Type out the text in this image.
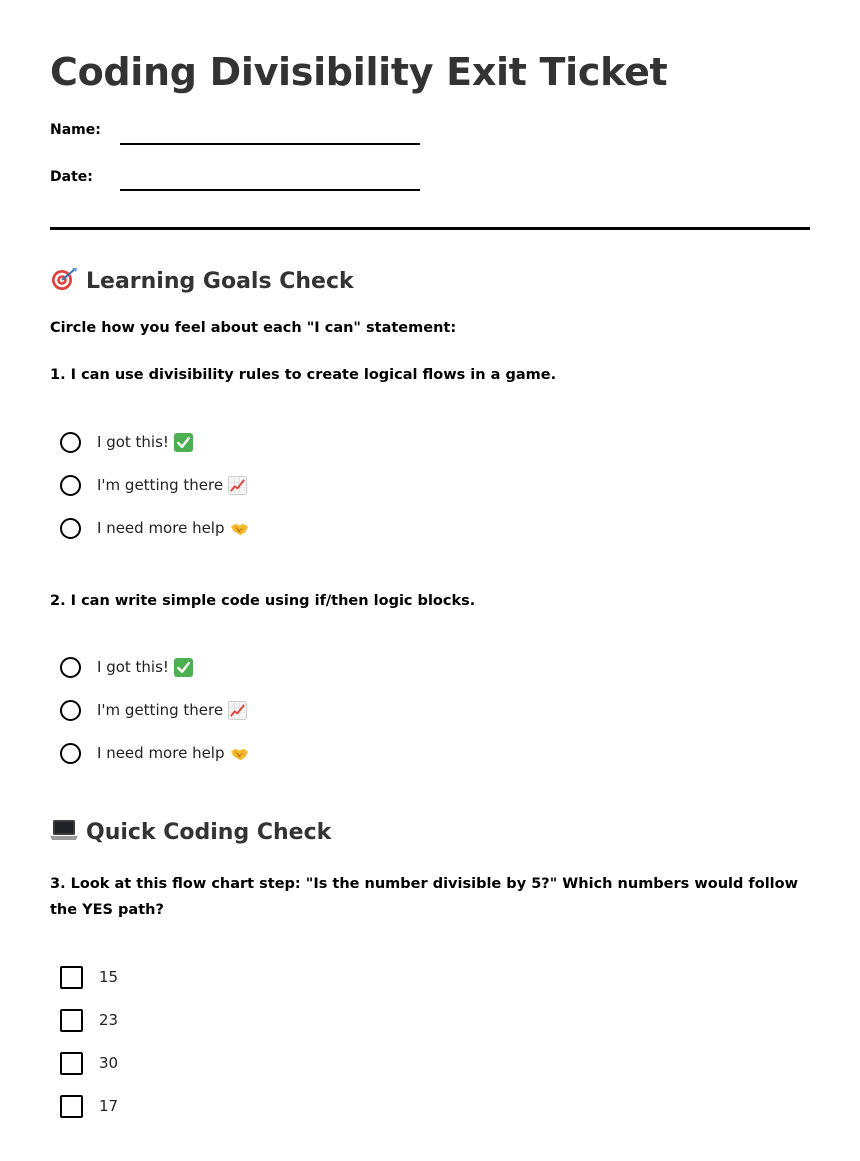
Coding Divisibility Exit Ticket
Name:
Date:
Learning Goals Check
Circle how you feel about each "I can" statement:
1. I can use divisibility rules to create logical flows in a game.
I got this!
I'm getting there
I need more help
2. I can write simple code using if/then logic blocks.
I got this!
I'm getting there
I need more help
Quick Coding Check
3. Look at this flow chart step: "Is the number divisible by 5?" Which numbers would follow the YES path?
15
23
30
17
